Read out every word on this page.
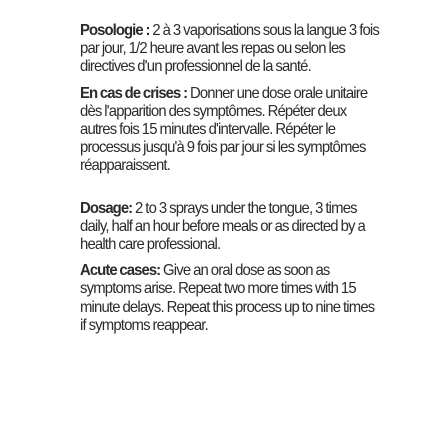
Posologie : 2 à 3 vaporisations sous la langue 3 fois par jour, 1/2 heure avant les repas ou selon les directives d'un professionnel de la santé.

En cas de crises : Donner une dose orale unitaire dès l'apparition des symptômes. Répéter deux autres fois 15 minutes d'intervalle. Répéter le processus jusqu'à 9 fois par jour si les symptômes réapparaissent.

Dosage: 2 to 3 sprays under the tongue, 3 times daily, half an hour before meals or as directed by a health care professional.

Acute cases: Give an oral dose as soon as symptoms arise. Repeat two more times with 15 minute delays. Repeat this process up to nine times if symptoms reappear.
